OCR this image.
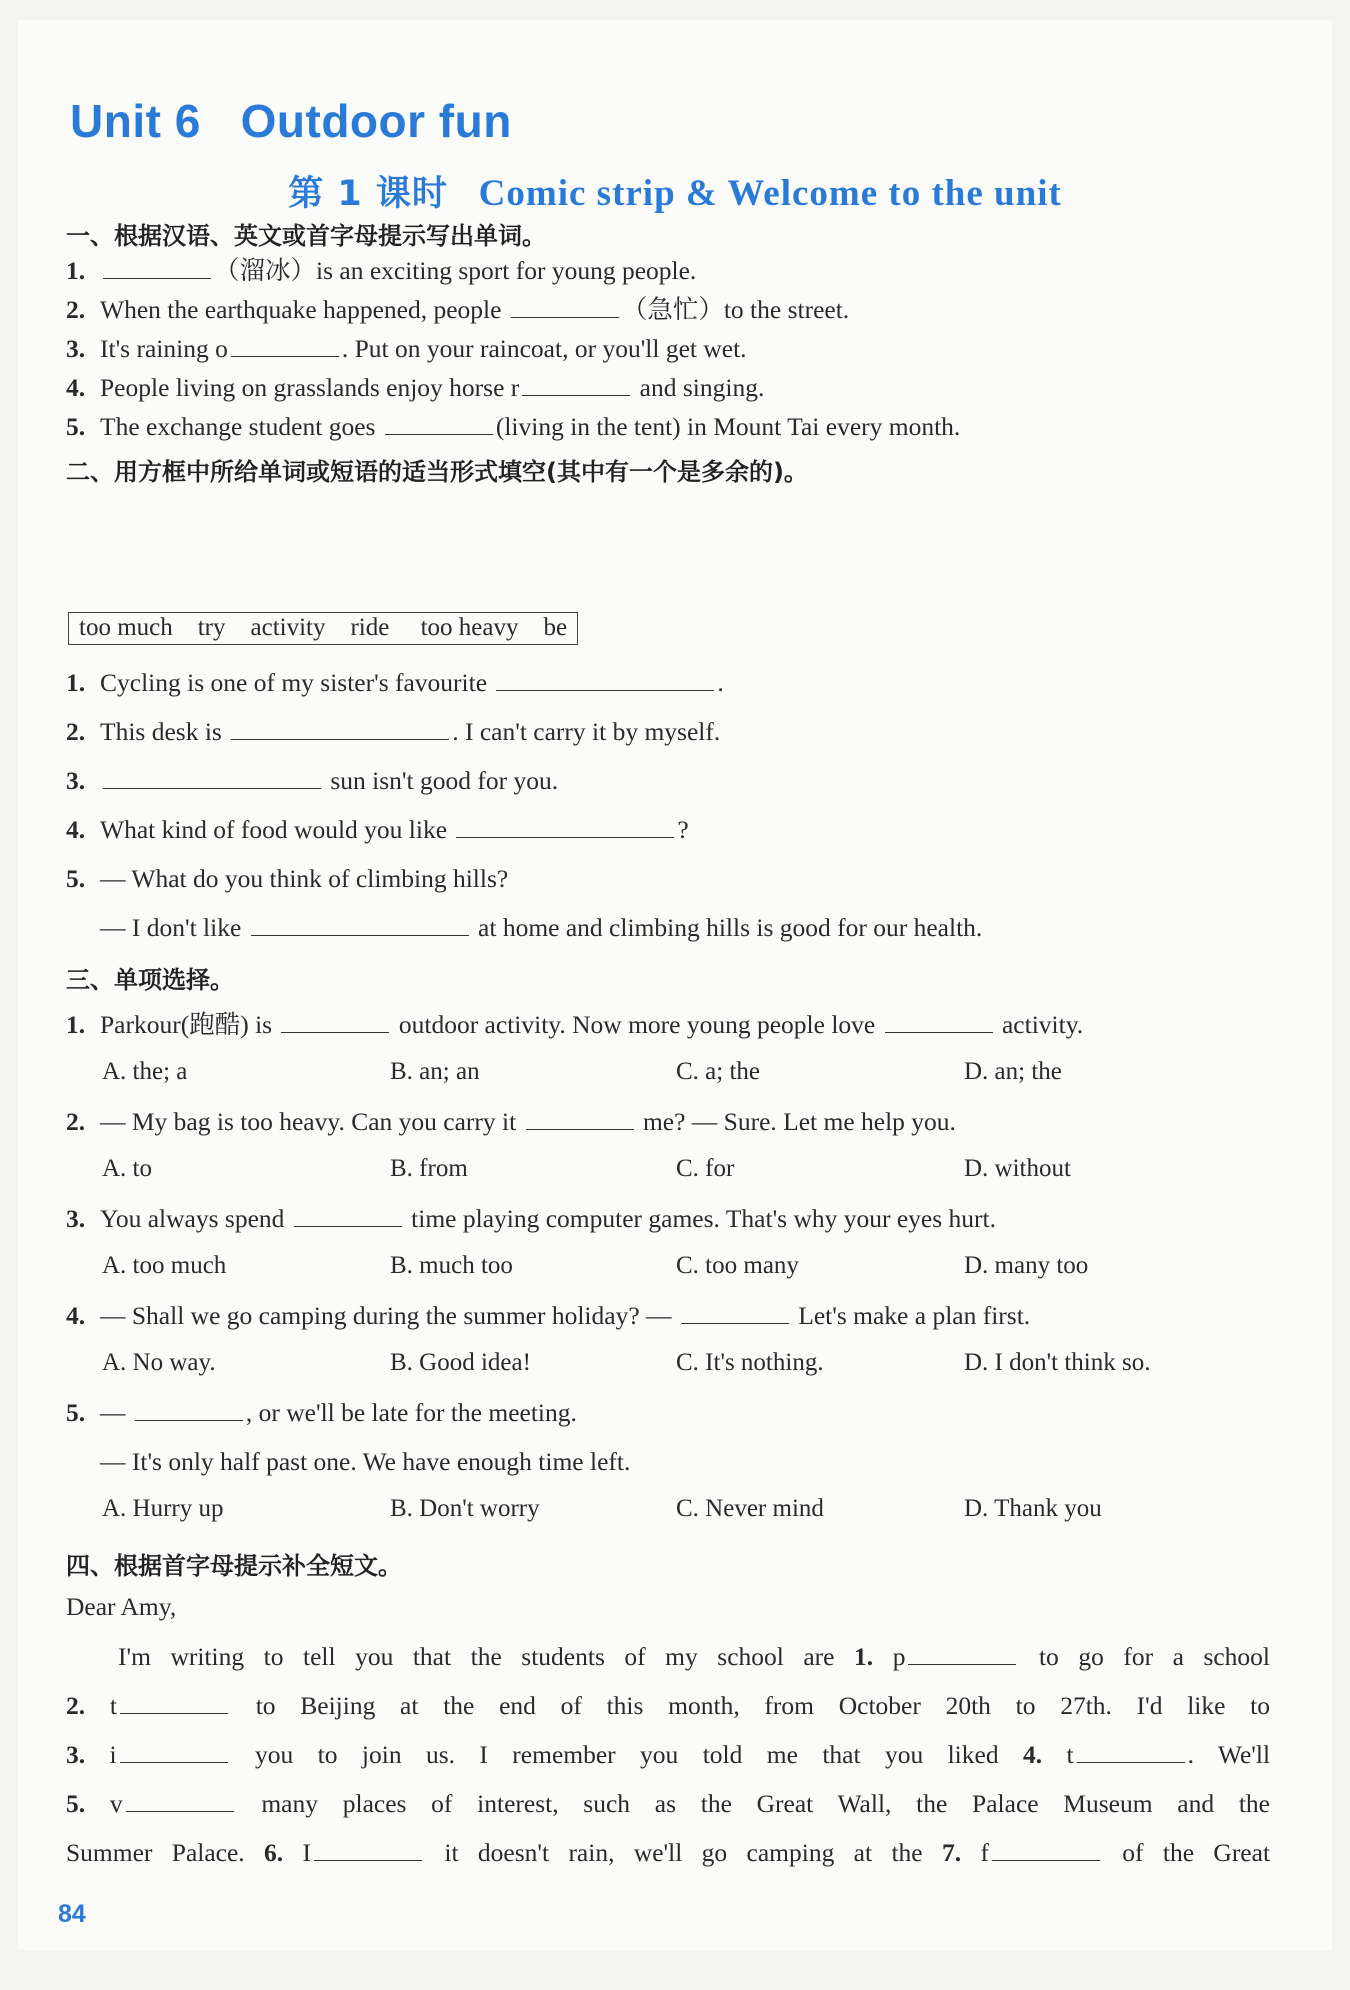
Unit 6   Outdoor fun
第 1 课时 Comic strip & Welcome to the unit
一、根据汉语、英文或首字母提示写出单词。
1.	（溜冰）is an exciting sport for young people.
2. When the earthquake happened, people	（急忙）to the street.
3. It's raining o	. Put on your raincoat, or you'll get wet.
4. People living on grasslands enjoy horse r	and singing.
5. The exchange student goes	(living in the tent) in Mount Tai every month.
二、用方框中所给单词或短语的适当形式填空(其中有一个是多余的)。
too much    try    activity    ride     too heavy    be
1. Cycling is one of my sister's favourite	.
2. This desk is	. I can't carry it by myself.
3.	sun isn't good for you.
4. What kind of food would you like	?
5. — What do you think of climbing hills?
— I don't like	at home and climbing hills is good for our health.
三、单项选择。
1. Parkour(跑酷) is	outdoor activity. Now more young people love	activity.
A. the; a	B. an; an	C. a; the	D. an; the
2. — My bag is too heavy. Can you carry it	me? — Sure. Let me help you.
A. to	B. from	C. for	D. without
3. You always spend	time playing computer games. That's why your eyes hurt.
A. too much	B. much too	C. too many	D. many too
4. — Shall we go camping during the summer holiday? —	Let's make a plan first.
A. No way.	B. Good idea!	C. It's nothing.	D. I don't think so.
5. —	, or we'll be late for the meeting.
— It's only half past one. We have enough time left.
A. Hurry up	B. Don't worry	C. Never mind	D. Thank you
四、根据首字母提示补全短文。
Dear Amy,
I'm writing to tell you that the students of my school are 1. p	to go for a school
2. t	to Beijing at the end of this month, from October 20th to 27th. I'd like to
3. i	you to join us. I remember you told me that you liked 4. t	. We'll
5. v	many places of interest, such as the Great Wall, the Palace Museum and the
Summer Palace. 6. I	it doesn't rain, we'll go camping at the 7. f	of the Great
84
